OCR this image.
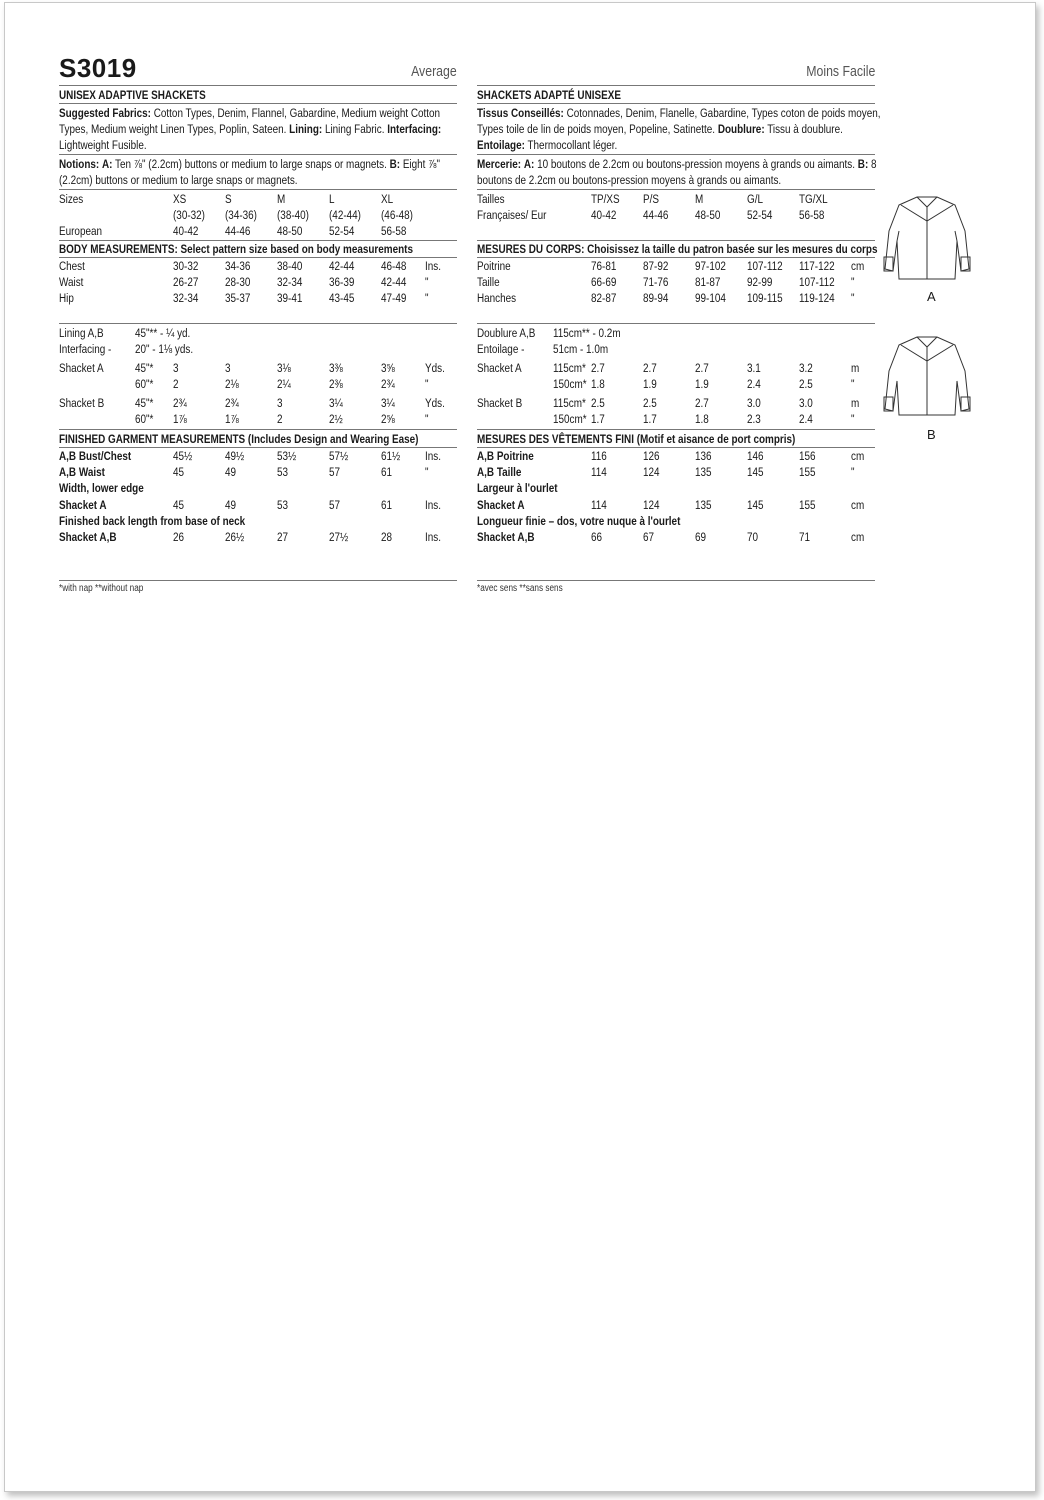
S3019	Average
UNISEX ADAPTIVE SHACKETS
Suggested Fabrics: Cotton Types, Denim, Flannel, Gabardine, Medium weight Cotton
Types, Medium weight Linen Types, Poplin, Sateen. Lining: Lining Fabric. Interfacing:
Lightweight Fusible.
Notions: A: Ten ⅞" (2.2cm) buttons or medium to large snaps or magnets. B: Eight ⅞"
(2.2cm) buttons or medium to large snaps or magnets.
BODY MEASUREMENTS: Select pattern size based on body measurements
FINISHED GARMENT MEASUREMENTS (Includes Design and Wearing Ease)
*with nap **without nap
Moins Facile
SHACKETS ADAPTÉ UNISEXE
Tissus Conseillés: Cotonnades, Denim, Flanelle, Gabardine, Types coton de poids moyen,
Types toile de lin de poids moyen, Popeline, Satinette. Doublure: Tissu à doublure.
Entoilage: Thermocollant léger.
Mercerie: A: 10 boutons de 2.2cm ou boutons-pression moyens à grands ou aimants. B: 8
boutons de 2.2cm ou boutons-pression moyens à grands ou aimants.
MESURES DU CORPS: Choisissez la taille du patron basée sur les mesures du corps
MESURES DES VÊTEMENTS FINI (Motif et aisance de port compris)
*avec sens **sans sens
A
B
Sizes	XS	S	M	L	XL
(30-32) (34-36) (38-40) (42-44) (46-48)
European	40-42 44-46 48-50 52-54 56-58
Chest	30-32 34-36 38-40 42-44 46-48 Ins.
Waist	26-27 28-30 32-34 36-39 42-44 "
Hip	32-34 35-37 39-41 43-45 47-49 "
Lining A,B	45"** - ¼ yd.
Interfacing - 20" - 1⅛ yds.
Shacket A	45"* 3	3	3⅛	3⅜	3⅝ Yds.
60"* 2	2⅛	2¼	2⅜	2¾ "
Shacket B 45"* 2¾	2¾	3	3¼	3¼ Yds.
60"* 1⅞	1⅞	2	2½	2⅝ "
A,B Bust/Chest	45½	49½	53½	57½	61½ Ins.
A,B Waist	45	49	53	57	61	"
Width, lower edge
Shacket A	45	49	53	57	61	Ins.
Finished back length from base of neck
Shacket A,B	26	26½	27	27½	28	Ins.
Tailles	TP/XS P/S	M	G/L	TG/XL
Françaises/ Eur	40-42 44-46 48-50 52-54 56-58
Poitrine	76-81 87-92 97-102 107-112 117-122 cm
Taille	66-69 71-76 81-87 92-99 107-112 "
Hanches	82-87 89-94 99-104 109-115 119-124 "
Doublure A,B 115cm** - 0.2m
Entoilage - 51cm - 1.0m
Shacket A	115cm* 2.7	2.7	2.7	3.1	3.2	m
150cm* 1.8	1.9	1.9	2.4	2.5	"
Shacket B 115cm* 2.5	2.5	2.7	3.0	3.0	m
150cm* 1.7	1.7	1.8	2.3	2.4	"
A,B Poitrine	116	126	136	146	156	cm
A,B Taille	114	124	135	145	155	"
Largeur à l'ourlet
Shacket A	114	124	135	145	155	cm
Longueur finie – dos, votre nuque à l'ourlet
Shacket A,B	66	67	69	70	71	cm
